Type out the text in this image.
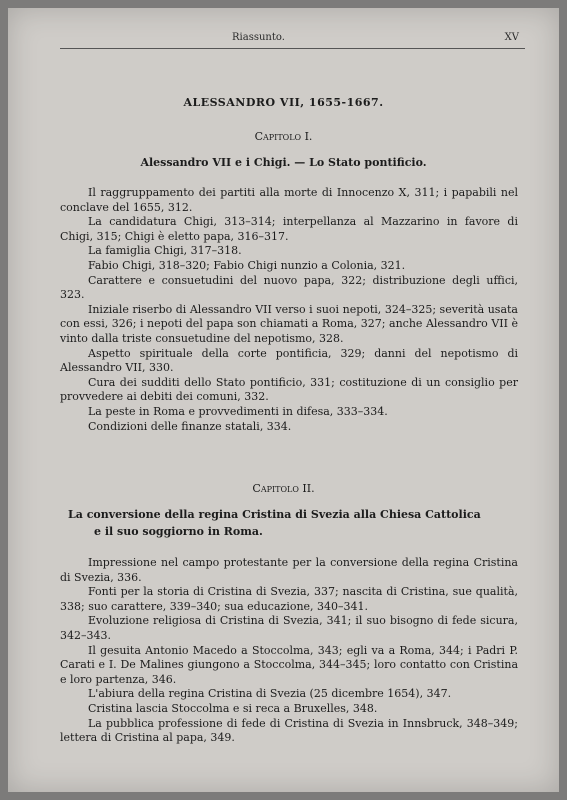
Riassunto.	XV
ALESSANDRO VII, 1655-1667.
Capitolo I.
Alessandro VII e i Chigi. — Lo Stato pontificio.

Il raggruppamento dei partiti alla morte di Innocenzo X, 311; i papabili nel conclave del 1655, 312.

La candidatura Chigi, 313–314; interpellanza al Mazzarino in favore di Chigi, 315; Chigi è eletto papa, 316–317.

La famiglia Chigi, 317–318.

Fabio Chigi, 318–320; Fabio Chigi nunzio a Colonia, 321.

Carattere e consuetudini del nuovo papa, 322; distribuzione degli uffici, 323.

Iniziale riserbo di Alessandro VII verso i suoi nepoti, 324–325; severità usata con essi, 326; i nepoti del papa son chiamati a Roma, 327; anche Alessandro VII è vinto dalla triste consuetudine del nepotismo, 328.

Aspetto spirituale della corte pontificia, 329; danni del nepotismo di Alessandro VII, 330.

Cura dei sudditi dello Stato pontificio, 331; costituzione di un consiglio per provvedere ai debiti dei comuni, 332.

La peste in Roma e provvedimenti in difesa, 333–334.

Condizioni delle finanze statali, 334.

Capitolo II.
La conversione della regina Cristina di Svezia alla Chiesa Cattolica
e il suo soggiorno in Roma.

Impressione nel campo protestante per la conversione della regina Cristina di Svezia, 336.

Fonti per la storia di Cristina di Svezia, 337; nascita di Cristina, sue qualità, 338; suo carattere, 339–340; sua educazione, 340–341.

Evoluzione religiosa di Cristina di Svezia, 341; il suo bisogno di fede sicura, 342–343.

Il gesuita Antonio Macedo a Stoccolma, 343; egli va a Roma, 344; i Padri P. Carati e I. De Malines giungono a Stoccolma, 344–345; loro contatto con Cristina e loro partenza, 346.

L'abiura della regina Cristina di Svezia (25 dicembre 1654), 347.

Cristina lascia Stoccolma e si reca a Bruxelles, 348.

La pubblica professione di fede di Cristina di Svezia in Innsbruck, 348–349; lettera di Cristina al papa, 349.
